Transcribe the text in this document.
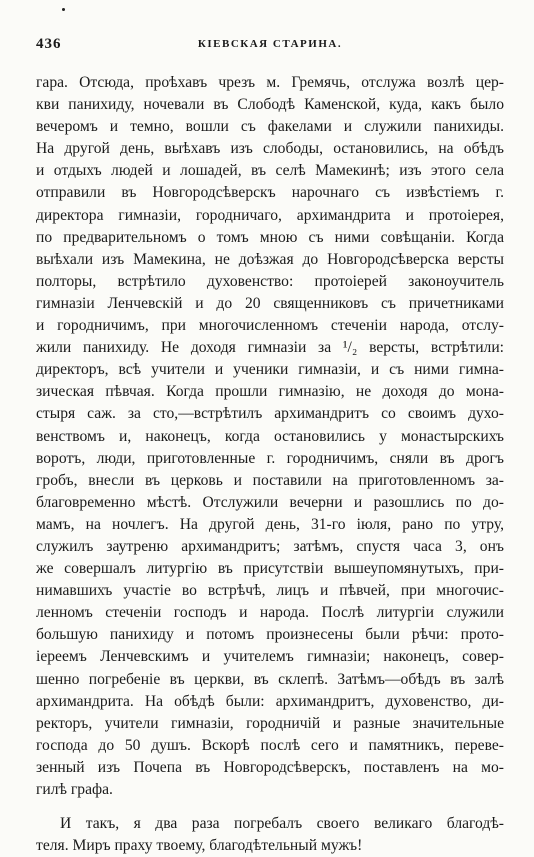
436	КІЕВСКАЯ СТАРИНА.
гара. Отсюда, проѣхавъ чрезъ м. Гремячь, отслужа возлѣ цер-
кви панихиду, ночевали въ Слободѣ Каменской, куда, какъ было
вечеромъ и темно, вошли съ факелами и служили панихиды.
На другой день, выѣхавъ изъ слободы, остановились, на обѣдъ
и отдыхъ людей и лошадей, въ селѣ Мамекинѣ; изъ этого села
отправили въ Новгородсѣверскъ нарочнаго съ извѣстіемъ г.
директора гимназіи, городничаго, архимандрита и протоіерея,
по предварительномъ о томъ мною съ ними совѣщаніи. Когда
выѣхали изъ Мамекина, не доѣзжая до Новгородсѣверска версты
полторы, встрѣтило духовенство: протоіерей законоучитель
гимназіи Ленчевскій и до 20 священниковъ съ причетниками
и городничимъ, при многочисленномъ стеченіи народа, отслу-
жили панихиду. Не доходя гимназіи за ¹/₂ версты, встрѣтили:
директоръ, всѣ учители и ученики гимназіи, и съ ними гимна-
зическая пѣвчая. Когда прошли гимназію, не доходя до мона-
стыря саж. за сто,—встрѣтилъ архимандритъ со своимъ духо-
венствомъ и, наконецъ, когда остановились у монастырскихъ
воротъ, люди, приготовленные г. городничимъ, сняли въ дрогъ
гробъ, внесли въ церковь и поставили на приготовленномъ за-
благовременно мѣстѣ. Отслужили вечерни и разошлись по до-
мамъ, на ночлегъ. На другой день, 31-го іюля, рано по утру,
служилъ заутреню архимандритъ; затѣмъ, спустя часа 3, онъ
же совершалъ литургію въ присутствіи вышеупомянутыхъ, при-
нимавшихъ участіе во встрѣчѣ, лицъ и пѣвчей, при многочис-
ленномъ стеченіи господъ и народа. Послѣ литургіи служили
большую панихиду и потомъ произнесены были рѣчи: прото-
іереемъ Ленчевскимъ и учителемъ гимназіи; наконецъ, совер-
шенно погребеніе въ церкви, въ склепѣ. Затѣмъ—обѣдъ въ залѣ
архимандрита. На обѣдѣ были: архимандритъ, духовенство, ди-
ректоръ, учители гимназіи, городничій и разные значительные
господа до 50 душъ. Вскорѣ послѣ сего и памятникъ, переве-
зенный изъ Почепа въ Новгородсѣверскъ, поставленъ на мо-
гилѣ графа.
И такъ, я два раза погребалъ своего великаго благодѣ-
теля. Миръ праху твоему, благодѣтельный мужъ!
